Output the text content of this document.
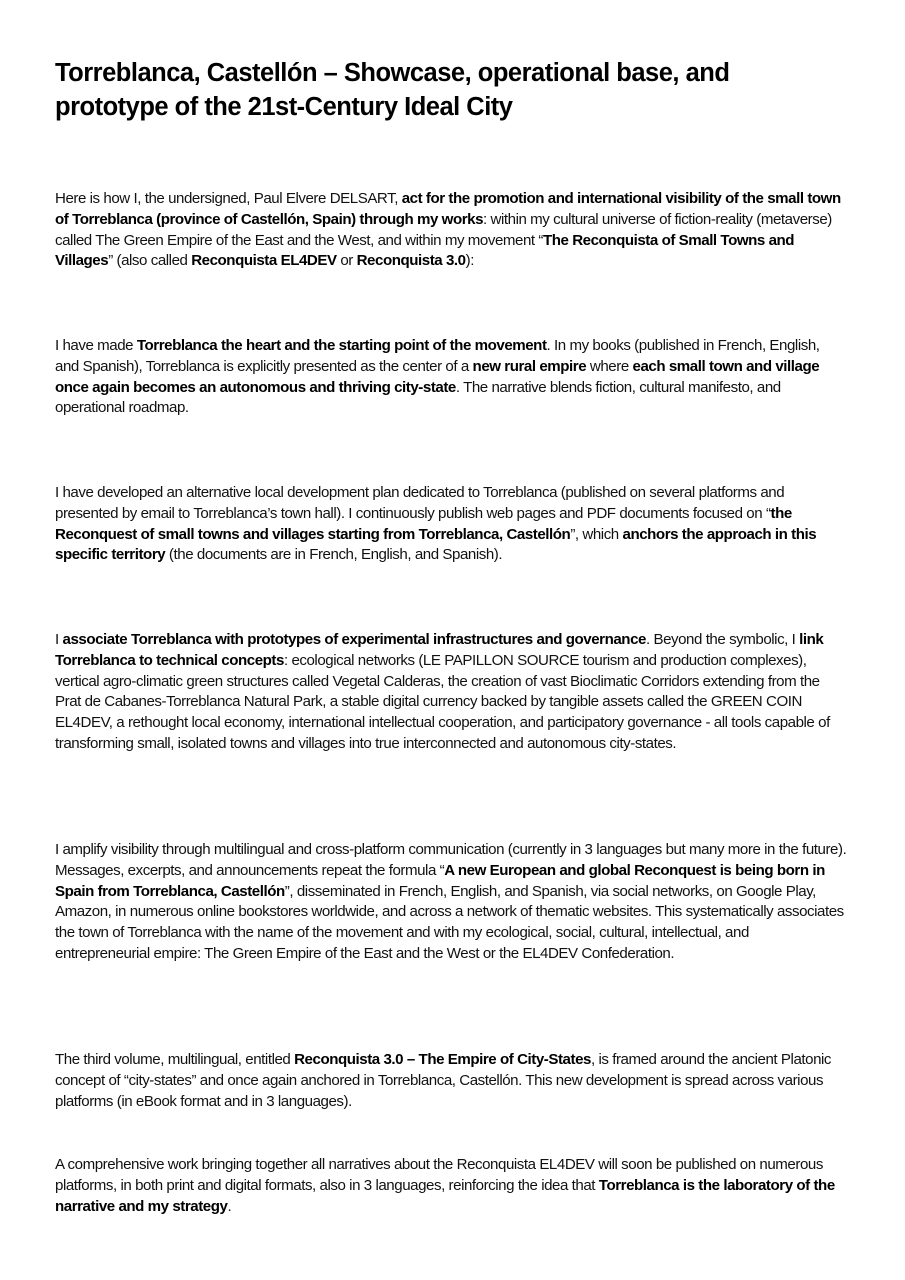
Torreblanca, Castellón – Showcase, operational base, and prototype of the 21st-Century Ideal City

Here is how I, the undersigned, Paul Elvere DELSART, act for the promotion and international visibility of the small town of Torreblanca (province of Castellón, Spain) through my works: within my cultural universe of fiction-reality (metaverse) called The Green Empire of the East and the West, and within my movement “The Reconquista of Small Towns and Villages” (also called Reconquista EL4DEV or Reconquista 3.0):

I have made Torreblanca the heart and the starting point of the movement. In my books (published in French, English, and Spanish), Torreblanca is explicitly presented as the center of a new rural empire where each small town and village once again becomes an autonomous and thriving city-state. The narrative blends fiction, cultural manifesto, and operational roadmap.

I have developed an alternative local development plan dedicated to Torreblanca (published on several platforms and presented by email to Torreblanca’s town hall). I continuously publish web pages and PDF documents focused on “the Reconquest of small towns and villages starting from Torreblanca, Castellón”, which anchors the approach in this specific territory (the documents are in French, English, and Spanish).

I associate Torreblanca with prototypes of experimental infrastructures and governance. Beyond the symbolic, I link Torreblanca to technical concepts: ecological networks (LE PAPILLON SOURCE tourism and production complexes), vertical agro-climatic green structures called Vegetal Calderas, the creation of vast Bioclimatic Corridors extending from the Prat de Cabanes-Torreblanca Natural Park, a stable digital currency backed by tangible assets called the GREEN COIN EL4DEV, a rethought local economy, international intellectual cooperation, and participatory governance - all tools capable of transforming small, isolated towns and villages into true interconnected and autonomous city-states.

I amplify visibility through multilingual and cross-platform communication (currently in 3 languages but many more in the future). Messages, excerpts, and announcements repeat the formula “A new European and global Reconquest is being born in Spain from Torreblanca, Castellón”, disseminated in French, English, and Spanish, via social networks, on Google Play, Amazon, in numerous online bookstores worldwide, and across a network of thematic websites. This systematically associates the town of Torreblanca with the name of the movement and with my ecological, social, cultural, intellectual, and entrepreneurial empire: The Green Empire of the East and the West or the EL4DEV Confederation.

The third volume, multilingual, entitled Reconquista 3.0 – The Empire of City-States, is framed around the ancient Platonic concept of “city-states” and once again anchored in Torreblanca, Castellón. This new development is spread across various platforms (in eBook format and in 3 languages).

A comprehensive work bringing together all narratives about the Reconquista EL4DEV will soon be published on numerous platforms, in both print and digital formats, also in 3 languages, reinforcing the idea that Torreblanca is the laboratory of the narrative and my strategy.
